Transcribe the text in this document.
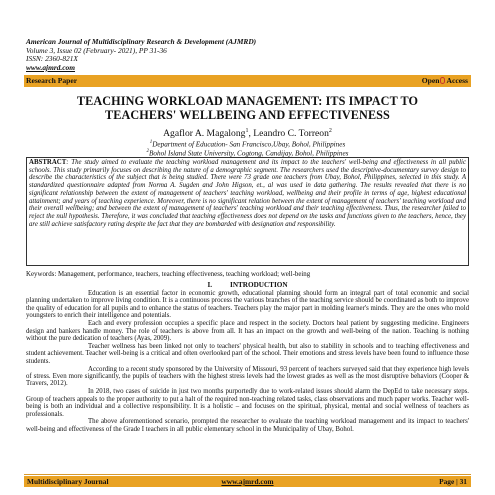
American Journal of Multidisciplinary Research & Development (AJMRD)
Volume 3, Issue 02 (February- 2021), PP 31-36
ISSN: 2360-821X
www.ajmrd.com
Research Paper	Open Access
TEACHING WORKLOAD MANAGEMENT: ITS IMPACT TO
TEACHERS' WELLBEING AND EFFECTIVENESS
Agaflor A. Magalong$^1$, Leandro C. Torreon$^2$
$^1$Department of Education- San Francisco,Ubay, Bohol, Philippines
$^2$Bohol Island State University, Cogtong, Candijay, Bohol, Philippines

ABSTRACT: The study aimed to evaluate the teaching workload management and its impact to the teachers' well-being and effectiveness in all public schools. This study primarily focuses on describing the nature of a demographic segment. The researchers used the descriptive-documentary survey design to describe the characteristics of the subject that is being studied. There were 73 grade one teachers from Ubay, Bohol, Philippines, selected in this study. A standardized questionnaire adapted from Norma A. Sugden and John Higson, et., al was used in data gathering. The results revealed that there is no significant relationship between the extent of management of teachers' teaching workload, wellbeing and their profile in terms of age, highest educational attainment; and years of teaching experience. Moreover, there is no significant relation between the extent of management of teachers' teaching workload and their overall wellbeing; and between the extent of management of teachers' teaching workload and their teaching effectiveness. Thus, the researcher failed to reject the null hypothesis. Therefore, it was concluded that teaching effectiveness does not depend on the tasks and functions given to the teachers, hence, they are still achieve satisfactory rating despite the fact that they are bombarded with designation and responsibility.

Keywords: Management, performance, teachers, teaching effectiveness, teaching workload; well-being
I.          INTRODUCTION

Education is an essential factor in economic growth, educational planning should form an integral part of total economic and social planning undertaken to improve living condition. It is a continuous process the various branches of the teaching service should be coordinated as both to improve the quality of education for all pupils and to enhance the status of teachers. Teachers play the major part in molding learner's minds. They are the ones who mold youngsters to enrich their intelligence and potentials.

Each and every profession occupies a specific place and respect in the society. Doctors heal patient by suggesting medicine. Engineers design and bankers handle money. The role of teachers is above from all. It has an impact on the growth and well-being of the nation. Teaching is nothing without the pure dedication of teachers (Ayas, 2009).

Teacher wellness has been linked not only to teachers' physical health, but also to stability in schools and to teaching effectiveness and student achievement. Teacher well-being is a critical and often overlooked part of the school. Their emotions and stress levels have been found to influence those students.

According to a recent study sponsored by the University of Missouri, 93 percent of teachers surveyed said that they experience high levels of stress. Even more significantly, the pupils of teachers with the highest stress levels had the lowest grades as well as the most disruptive behaviors (Cooper & Travers, 2012).

In 2018, two cases of suicide in just two months purportedly due to work-related issues should alarm the DepEd to take necessary steps. Group of teachers appeals to the proper authority to put a halt of the required non-teaching related tasks, class observations and much paper works. Teacher well-being is both an individual and a collective responsibility. It is a holistic – and focuses on the spiritual, physical, mental and social wellness of teachers as professionals.

The above aforementioned scenario, prompted the researcher to evaluate the teaching workload management and its impact to teachers' well-being and effectiveness of the Grade I teachers in all public elementary school in the Municipality of Ubay, Bohol.

Multidisciplinary Journal	www.ajmrd.com	Page | 31
